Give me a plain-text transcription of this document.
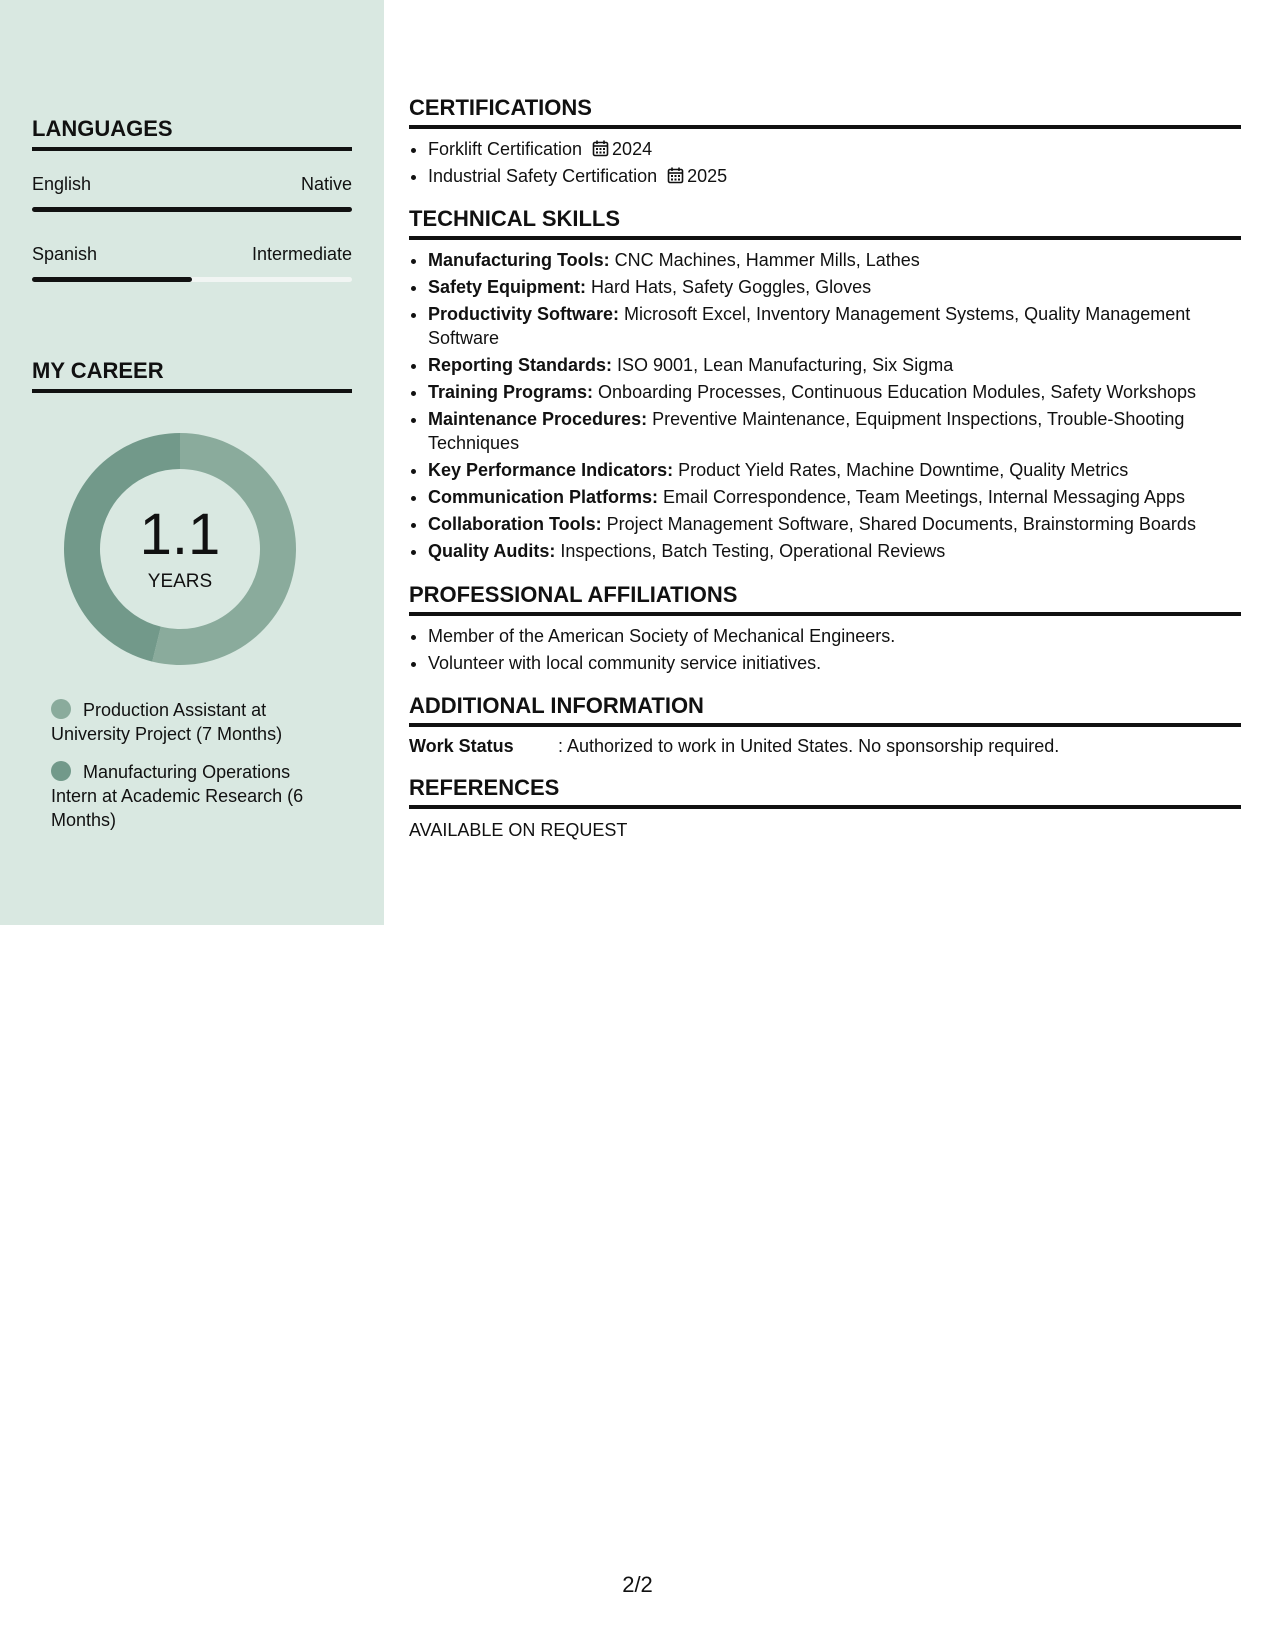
LANGUAGES
English	Native
Spanish	Intermediate
MY CAREER
1.1
YEARS
Production Assistant at University Project (7 Months)
Manufacturing Operations Intern at Academic Research (6 Months)
CERTIFICATIONS
• Forklift Certification 2024
• Industrial Safety Certification 2025
TECHNICAL SKILLS
• Manufacturing Tools: CNC Machines, Hammer Mills, Lathes
• Safety Equipment: Hard Hats, Safety Goggles, Gloves
• Productivity Software: Microsoft Excel, Inventory Management Systems, Quality Management Software
• Reporting Standards: ISO 9001, Lean Manufacturing, Six Sigma
• Training Programs: Onboarding Processes, Continuous Education Modules, Safety Workshops
• Maintenance Procedures: Preventive Maintenance, Equipment Inspections, Trouble-Shooting Techniques
• Key Performance Indicators: Product Yield Rates, Machine Downtime, Quality Metrics
• Communication Platforms: Email Correspondence, Team Meetings, Internal Messaging Apps
• Collaboration Tools: Project Management Software, Shared Documents, Brainstorming Boards
• Quality Audits: Inspections, Batch Testing, Operational Reviews
PROFESSIONAL AFFILIATIONS
• Member of the American Society of Mechanical Engineers.
• Volunteer with local community service initiatives.
ADDITIONAL INFORMATION
Work Status : Authorized to work in United States. No sponsorship required.
REFERENCES
AVAILABLE ON REQUEST
2/2
